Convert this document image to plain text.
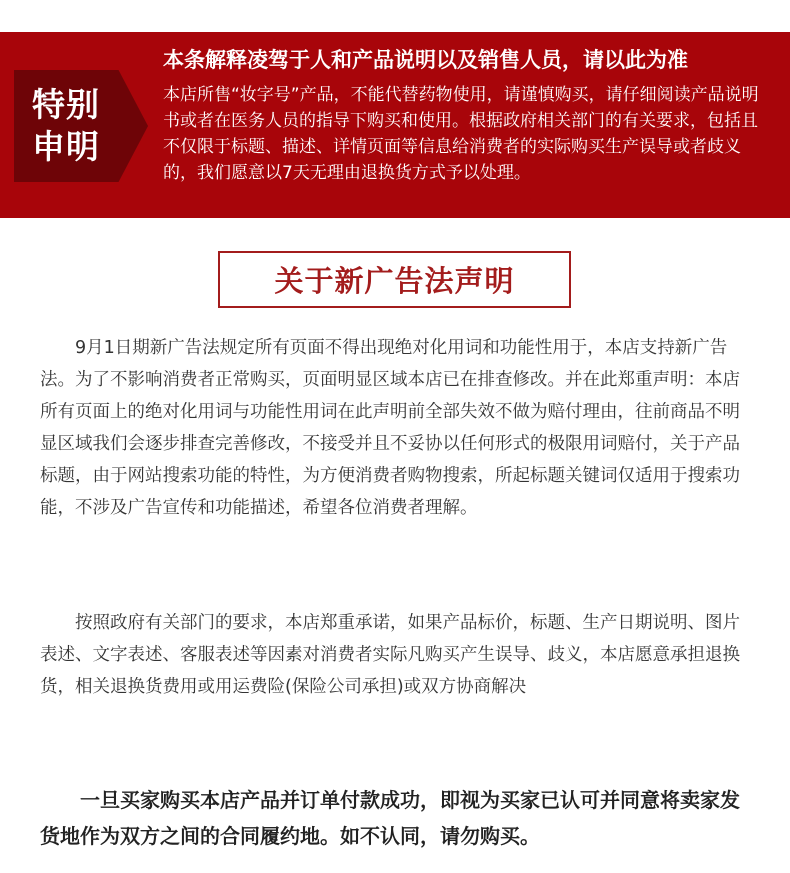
特别
申明
本条解释凌驾于人和产品说明以及销售人员，请以此为准
本店所售“妆字号”产品，不能代替药物使用，请谨慎购买，请仔细阅读产品说明书或者在医务人员的指导下购买和使用。根据政府相关部门的有关要求，包括且不仅限于标题、描述、详情页面等信息给消费者的实际购买生产误导或者歧义的，我们愿意以7天无理由退换货方式予以处理。
关于新广告法声明

9月1日期新广告法规定所有页面不得出现绝对化用词和功能性用于，本店支持新广告法。为了不影响消费者正常购买，页面明显区域本店已在排查修改。并在此郑重声明：本店所有页面上的绝对化用词与功能性用词在此声明前全部失效不做为赔付理由，往前商品不明显区域我们会逐步排查完善修改，不接受并且不妥协以任何形式的极限用词赔付，关于产品标题，由于网站搜索功能的特性，为方便消费者购物搜索，所起标题关键词仅适用于搜索功能，不涉及广告宣传和功能描述，希望各位消费者理解。

按照政府有关部门的要求，本店郑重承诺，如果产品标价，标题、生产日期说明、图片表述、文字表述、客服表述等因素对消费者实际凡购买产生误导、歧义，本店愿意承担退换货，相关退换货费用或用运费险(保险公司承担)或双方协商解决

一旦买家购买本店产品并订单付款成功，即视为买家已认可并同意将卖家发货地作为双方之间的合同履约地。如不认同，请勿购买。
